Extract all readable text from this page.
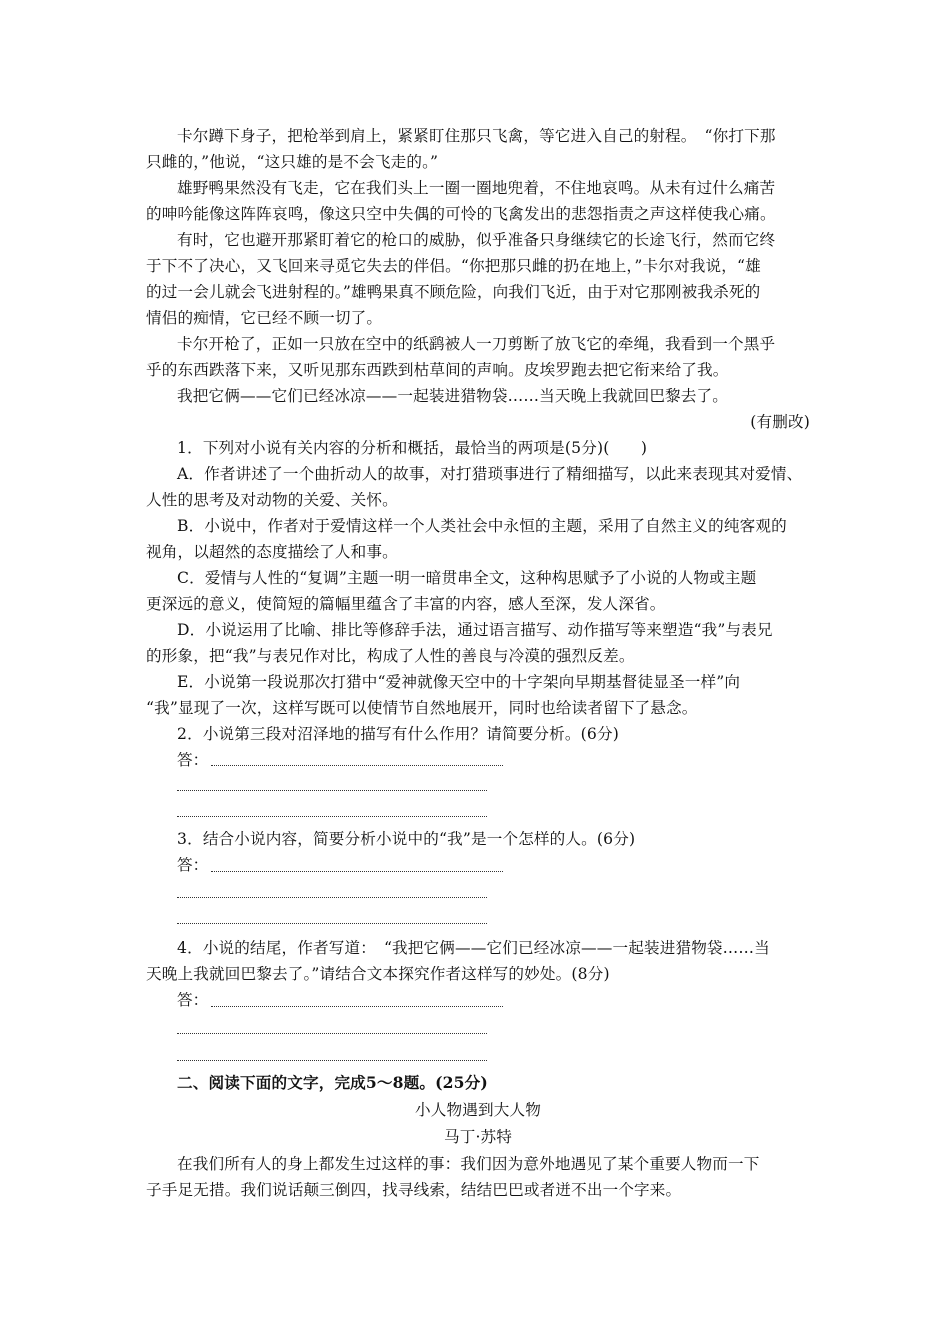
卡尔蹲下身子，把枪举到肩上，紧紧盯住那只飞禽，等它进入自己的射程。　“你打下那
只雌的，”他说，“这只雄的是不会飞走的。”
雄野鸭果然没有飞走，它在我们头上一圈一圈地兜着，不住地哀鸣。从未有过什么痛苦
的呻吟能像这阵阵哀鸣，像这只空中失偶的可怜的飞禽发出的悲怨指责之声这样使我心痛。
有时，它也避开那紧盯着它的枪口的威胁，似乎准备只身继续它的长途飞行，然而它终
于下不了决心，又飞回来寻觅它失去的伴侣。“你把那只雌的扔在地上，”卡尔对我说，“雄
的过一会儿就会飞进射程的。”雄鸭果真不顾危险，向我们飞近，由于对它那刚被我杀死的
情侣的痴情，它已经不顾一切了。
卡尔开枪了，正如一只放在空中的纸鹞被人一刀剪断了放飞它的牵绳，我看到一个黑乎
乎的东西跌落下来，又听见那东西跌到枯草间的声响。皮埃罗跑去把它衔来给了我。
我把它俩——它们已经冰凉——一起装进猎物袋……当天晚上我就回巴黎去了。
(有删改)
1．下列对小说有关内容的分析和概括，最恰当的两项是(5分)(　　)
A．作者讲述了一个曲折动人的故事，对打猎琐事进行了精细描写，以此来表现其对爱情、
人性的思考及对动物的关爱、关怀。
B．小说中，作者对于爱情这样一个人类社会中永恒的主题，采用了自然主义的纯客观的
视角，以超然的态度描绘了人和事。
C．爱情与人性的“复调”主题一明一暗贯串全文，这种构思赋予了小说的人物或主题
更深远的意义，使简短的篇幅里蕴含了丰富的内容，感人至深，发人深省。
D．小说运用了比喻、排比等修辞手法，通过语言描写、动作描写等来塑造“我”与表兄
的形象，把“我”与表兄作对比，构成了人性的善良与冷漠的强烈反差。
E．小说第一段说那次打猎中“爱神就像天空中的十字架向早期基督徒显圣一样”向
“我”显现了一次，这样写既可以使情节自然地展开，同时也给读者留下了悬念。
2．小说第三段对沼泽地的描写有什么作用？请简要分析。(6分)
答：
3．结合小说内容，简要分析小说中的“我”是一个怎样的人。(6分)
答：
4．小说的结尾，作者写道：　“我把它俩——它们已经冰凉——一起装进猎物袋……当
天晚上我就回巴黎去了。”请结合文本探究作者这样写的妙处。(8分)
答：
二、阅读下面的文字，完成5～8题。(25分)
小人物遇到大人物
马丁·苏特
在我们所有人的身上都发生过这样的事：我们因为意外地遇见了某个重要人物而一下
子手足无措。我们说话颠三倒四，找寻线索，结结巴巴或者迸不出一个字来。
